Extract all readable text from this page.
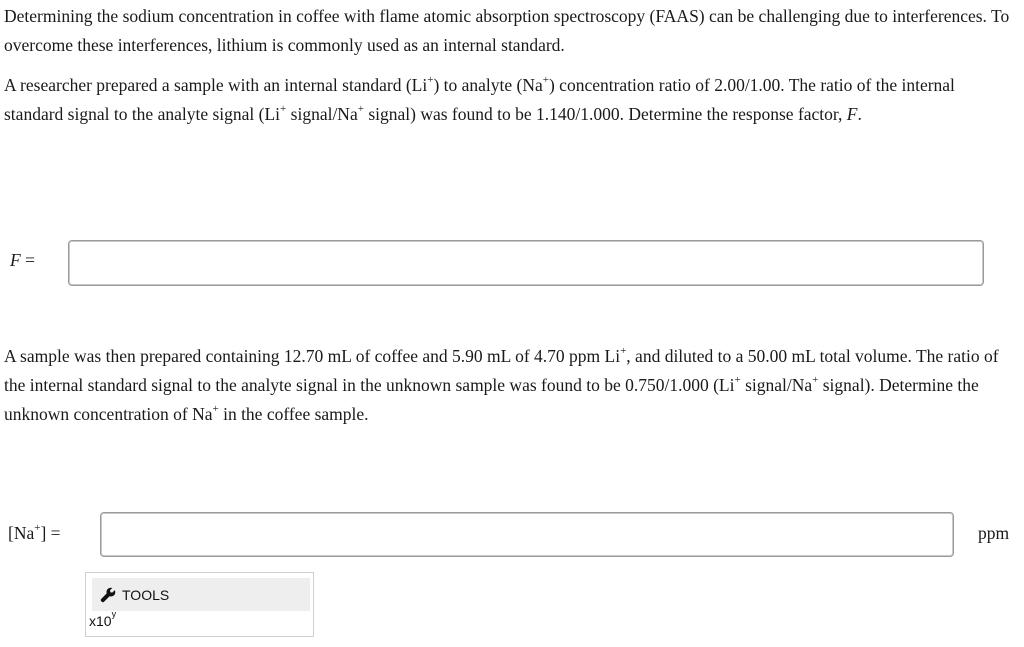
Determining the sodium concentration in coffee with flame atomic absorption spectroscopy (FAAS) can be challenging due to interferences. To overcome these interferences, lithium is commonly used as an internal standard.

A researcher prepared a sample with an internal standard (Li+) to analyte (Na+) concentration ratio of 2.00/1.00. The ratio of the internal standard signal to the analyte signal (Li+ signal/Na+ signal) was found to be 1.140/1.000. Determine the response factor, F.

F =

A sample was then prepared containing 12.70 mL of coffee and 5.90 mL of 4.70 ppm Li+, and diluted to a 50.00 mL total volume. The ratio of the internal standard signal to the analyte signal in the unknown sample was found to be 0.750/1.000 (Li+ signal/Na+ signal). Determine the unknown concentration of Na+ in the coffee sample.

[Na+] =	ppm
TOOLS
x10$^y$
